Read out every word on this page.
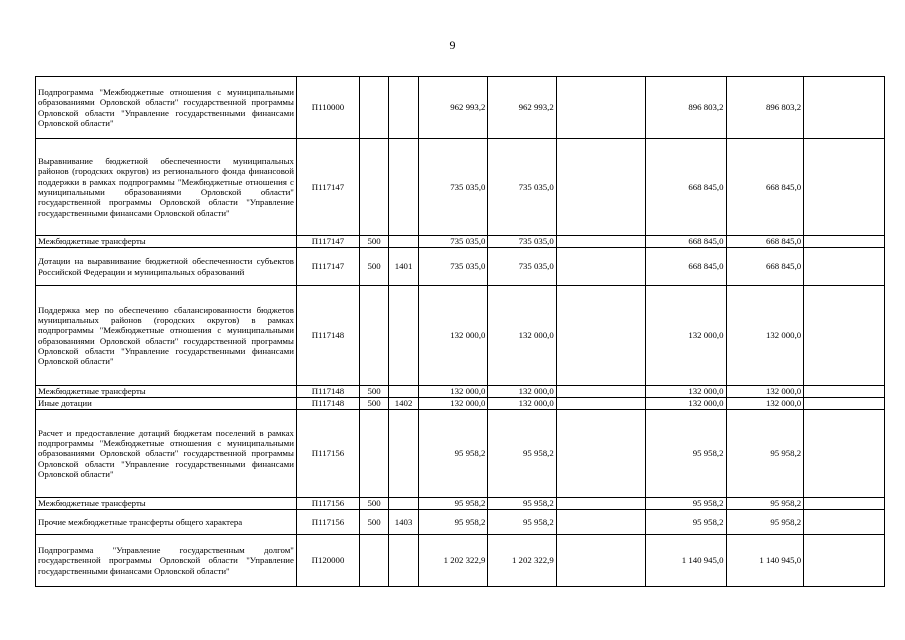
9
Подпрограмма "Межбюджетные отношения с муниципальными образованиями Орловской области" государственной программы Орловской области "Управление государственными финансами Орловской области"	П110000			962 993,2	962 993,2		896 803,2	896 803,2	
Выравнивание бюджетной обеспеченности муниципальных районов (городских округов) из регионального фонда финансовой поддержки в рамках подпрограммы "Межбюджетные отношения с муниципальными образованиями Орловской области" государственной программы Орловской области "Управление государственными финансами Орловской области"	П117147			735 035,0	735 035,0		668 845,0	668 845,0	
Межбюджетные трансферты	П117147	500		735 035,0	735 035,0		668 845,0	668 845,0	
Дотации на выравнивание бюджетной обеспеченности субъектов Российской Федерации и муниципальных образований	П117147	500	1401	735 035,0	735 035,0		668 845,0	668 845,0	
Поддержка мер по обеспечению сбалансированности бюджетов муниципальных районов (городских округов) в рамках подпрограммы "Межбюджетные отношения с муниципальными образованиями Орловской области" государственной программы Орловской области "Управление государственными финансами Орловской области"	П117148			132 000,0	132 000,0		132 000,0	132 000,0	
Межбюджетные трансферты	П117148	500		132 000,0	132 000,0		132 000,0	132 000,0	
Иные дотации	П117148	500	1402	132 000,0	132 000,0		132 000,0	132 000,0	
Расчет и предоставление дотаций бюджетам поселений в рамках подпрограммы "Межбюджетные отношения с муниципальными образованиями Орловской области" государственной программы Орловской области "Управление государственными финансами Орловской области"	П117156			95 958,2	95 958,2		95 958,2	95 958,2	
Межбюджетные трансферты	П117156	500		95 958,2	95 958,2		95 958,2	95 958,2	
Прочие межбюджетные трансферты общего характера	П117156	500	1403	95 958,2	95 958,2		95 958,2	95 958,2	
Подпрограмма "Управление государственным долгом" государственной программы Орловской области "Управление государственными финансами Орловской области"	П120000			1 202 322,9	1 202 322,9		1 140 945,0	1 140 945,0	
